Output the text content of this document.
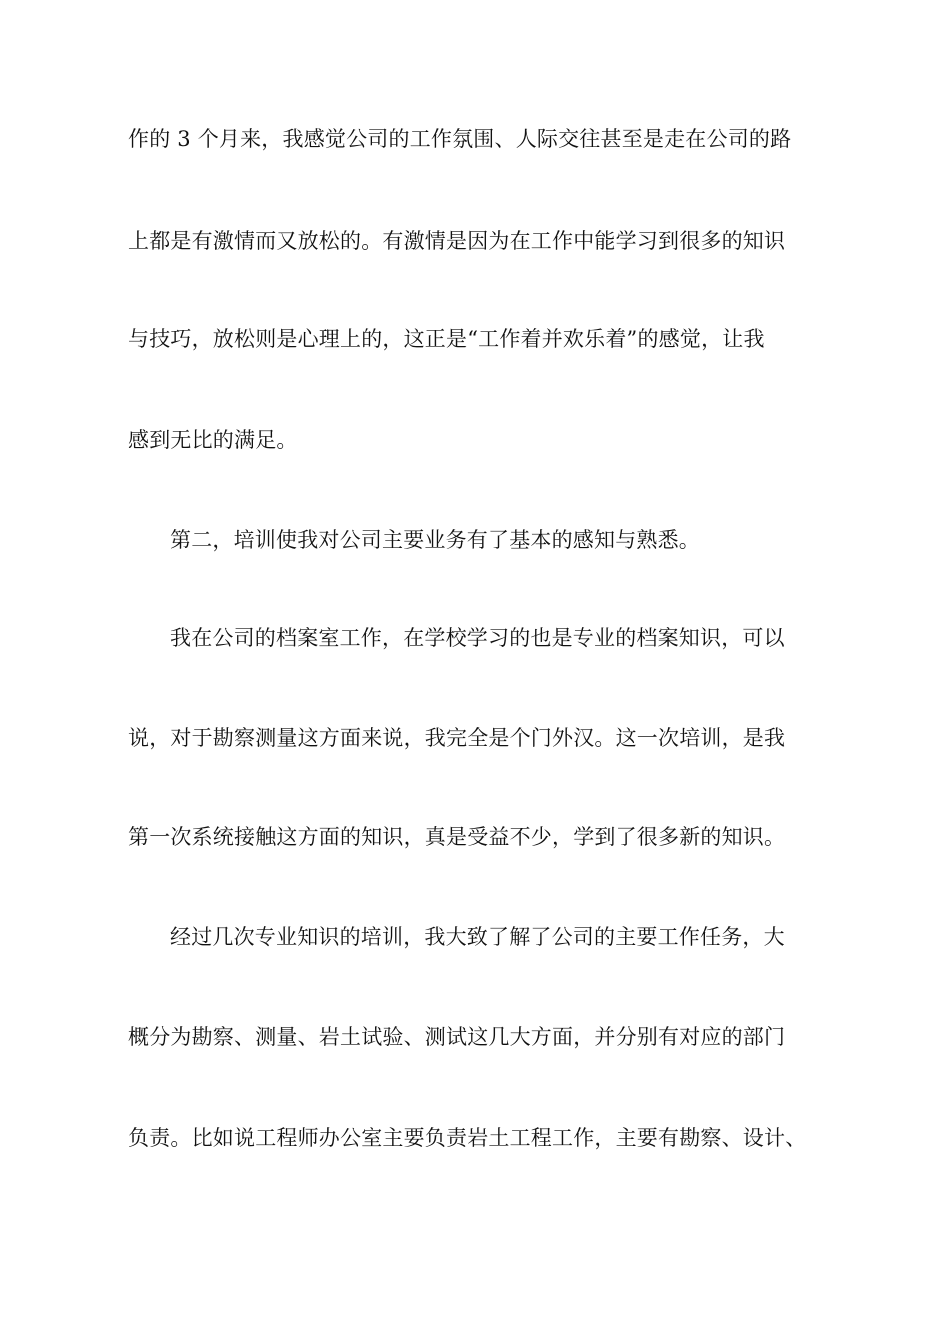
作的 3 个月来，我感觉公司的工作氛围、人际交往甚至是走在公司的路
上都是有激情而又放松的。有激情是因为在工作中能学习到很多的知识
与技巧，放松则是心理上的，这正是“工作着并欢乐着”的感觉，让我
感到无比的满足。
第二，培训使我对公司主要业务有了基本的感知与熟悉。
我在公司的档案室工作，在学校学习的也是专业的档案知识，可以
说，对于勘察测量这方面来说，我完全是个门外汉。这一次培训，是我
第一次系统接触这方面的知识，真是受益不少，学到了很多新的知识。
经过几次专业知识的培训，我大致了解了公司的主要工作任务，大
概分为勘察、测量、岩土试验、测试这几大方面，并分别有对应的部门
负责。比如说工程师办公室主要负责岩土工程工作，主要有勘察、设计、
